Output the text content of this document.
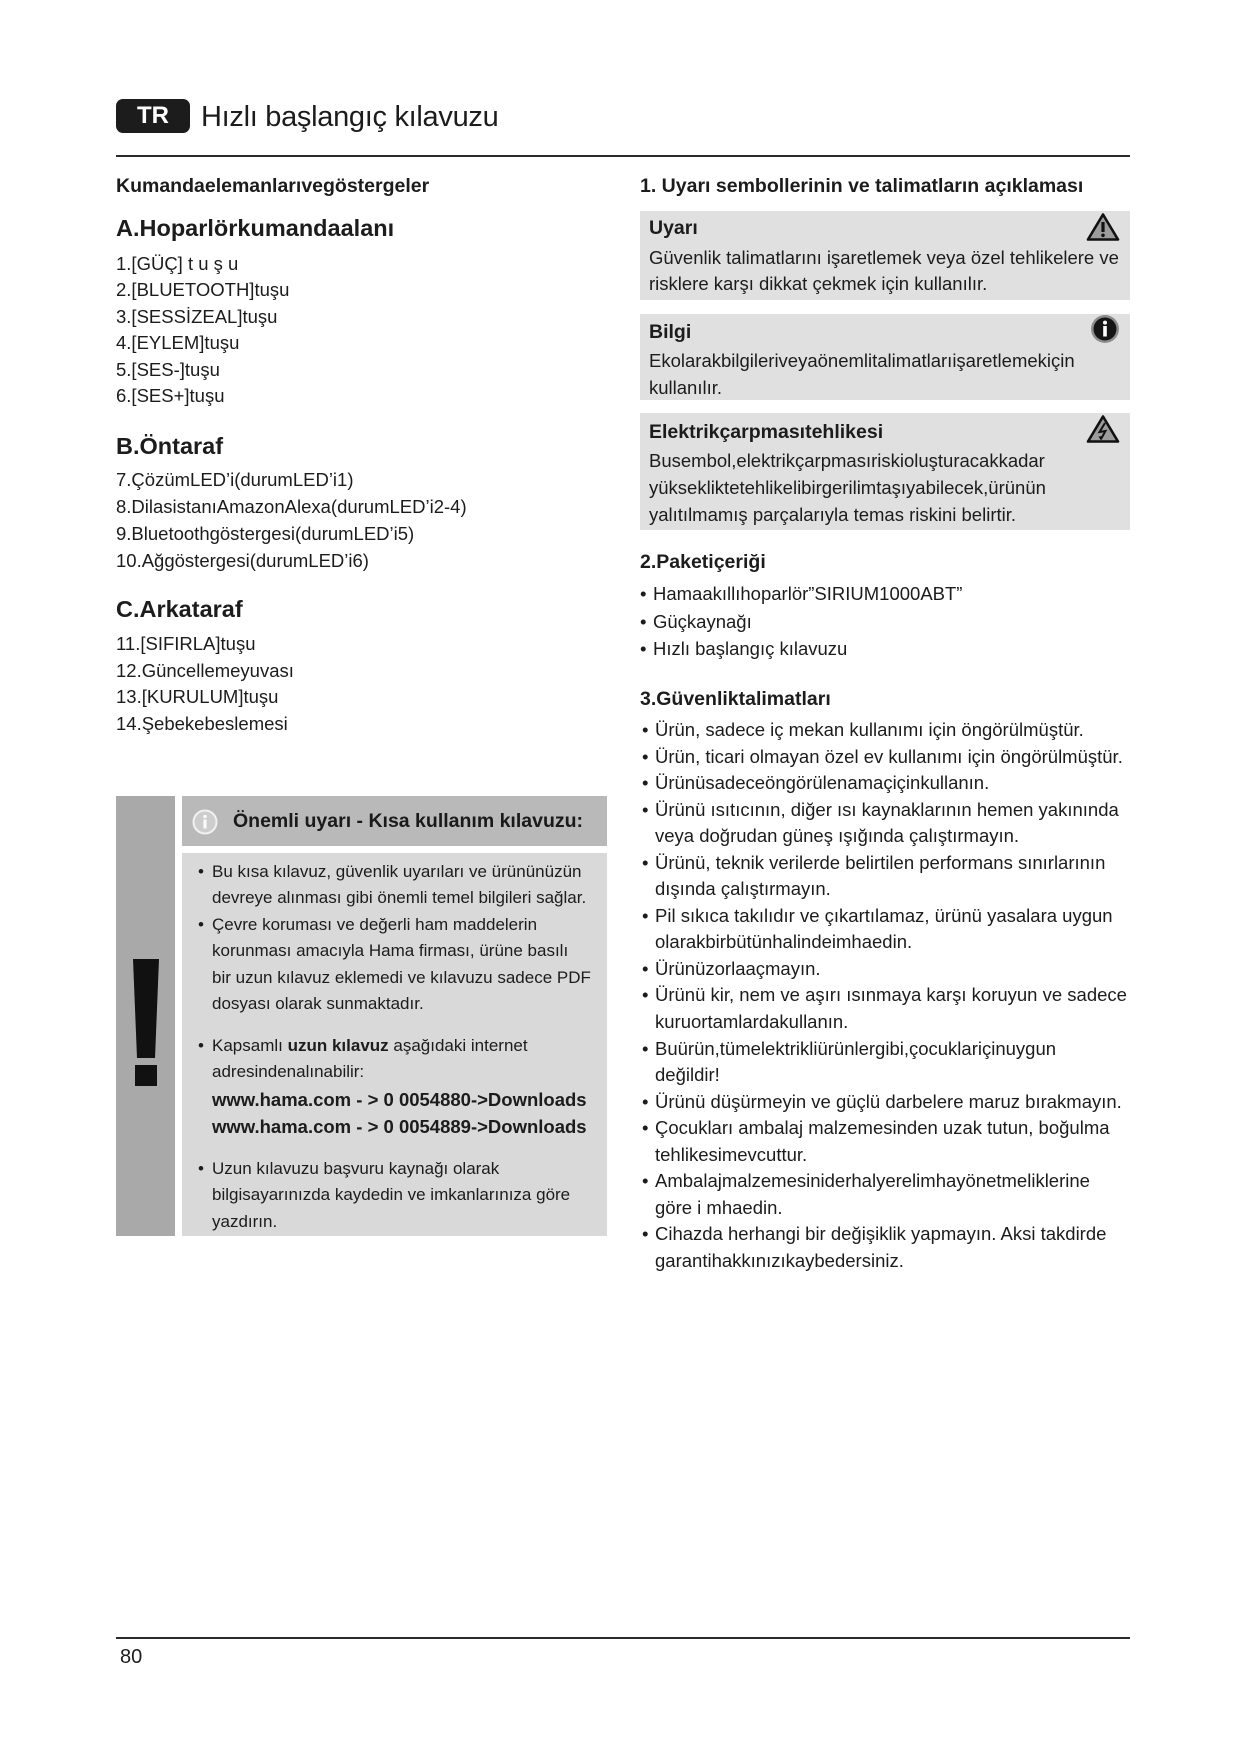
TR	Hızlı başlangıç kılavuzu
Kumandaelemanlarıvegöstergeler
A.Hoparlörkumandaalanı
1.[GÜÇ] t u ş u
2.[BLUETOOTH]tuşu
3.[SESSİZEAL]tuşu
4.[EYLEM]tuşu
5.[SES-]tuşu
6.[SES+]tuşu
B.Öntaraf
7.ÇözümLED’i(durumLED’i1)
8.DilasistanıAmazonAlexa(durumLED’i2-4)
9.Bluetoothgöstergesi(durumLED’i5)
10.Ağgöstergesi(durumLED’i6)
C.Arkataraf
11.[SIFIRLA]tuşu
12.Güncellemeyuvası
13.[KURULUM]tuşu
14.Şebekebeslemesi
Önemli uyarı - Kısa kullanım kılavuzu:
• Bu kısa kılavuz, güvenlik uyarıları ve ürününüzün
devreye alınması gibi önemli temel bilgileri sağlar.
• Çevre koruması ve değerli ham maddelerin
korunması amacıyla Hama firması, ürüne basılı
bir uzun kılavuz eklemedi ve kılavuzu sadece PDF
dosyası olarak sunmaktadır.
• Kapsamlı uzun kılavuz aşağıdaki internet
adresindenalınabilir:
www.hama.com - > 0 0054880->Downloads
www.hama.com - > 0 0054889->Downloads
• Uzun kılavuzu başvuru kaynağı olarak
bilgisayarınızda kaydedin ve imkanlarınıza göre
yazdırın.
1. Uyarı sembollerinin ve talimatların açıklaması
Uyarı
Güvenlik talimatlarını işaretlemek veya özel tehlikelere ve
risklere karşı dikkat çekmek için kullanılır.
Bilgi
Ekolarakbilgileriveyaönemlitalimatlarıişaretlemekiçin
kullanılır.
Elektrikçarpmasıtehlikesi
Busembol,elektrikçarpmasıriskioluşturacakkadar
yüksekliktetehlikelibirgerilimtaşıyabilecek,ürünün
yalıtılmamış parçalarıyla temas riskini belirtir.
2.Paketiçeriği
• Hamaakıllıhoparlör”SIRIUM1000ABT”
• Güçkaynağı
• Hızlı başlangıç kılavuzu
3.Güvenliktalimatları
• Ürün, sadece iç mekan kullanımı için öngörülmüştür.
• Ürün, ticari olmayan özel ev kullanımı için öngörülmüştür.
• Ürünüsadeceöngörülenamaçiçinkullanın.
• Ürünü ısıtıcının, diğer ısı kaynaklarının hemen yakınında
veya doğrudan güneş ışığında çalıştırmayın.
• Ürünü, teknik verilerde belirtilen performans sınırlarının
dışında çalıştırmayın.
• Pil sıkıca takılıdır ve çıkartılamaz, ürünü yasalara uygun
olarakbirbütünhalindeimhaedin.
• Ürünüzorlaaçmayın.
• Ürünü kir, nem ve aşırı ısınmaya karşı koruyun ve sadece
kuruortamlardakullanın.
• Buürün,tümelektrikliürünlergibi,çocuklariçinuygun
değildir!
• Ürünü düşürmeyin ve güçlü darbelere maruz bırakmayın.
• Çocukları ambalaj malzemesinden uzak tutun, boğulma
tehlikesimevcuttur.
• Ambalajmalzemesiniderhalyerelimhayönetmeliklerine
göre i mhaedin.
• Cihazda herhangi bir değişiklik yapmayın. Aksi takdirde
garantihakkınızıkaybedersiniz.
80
